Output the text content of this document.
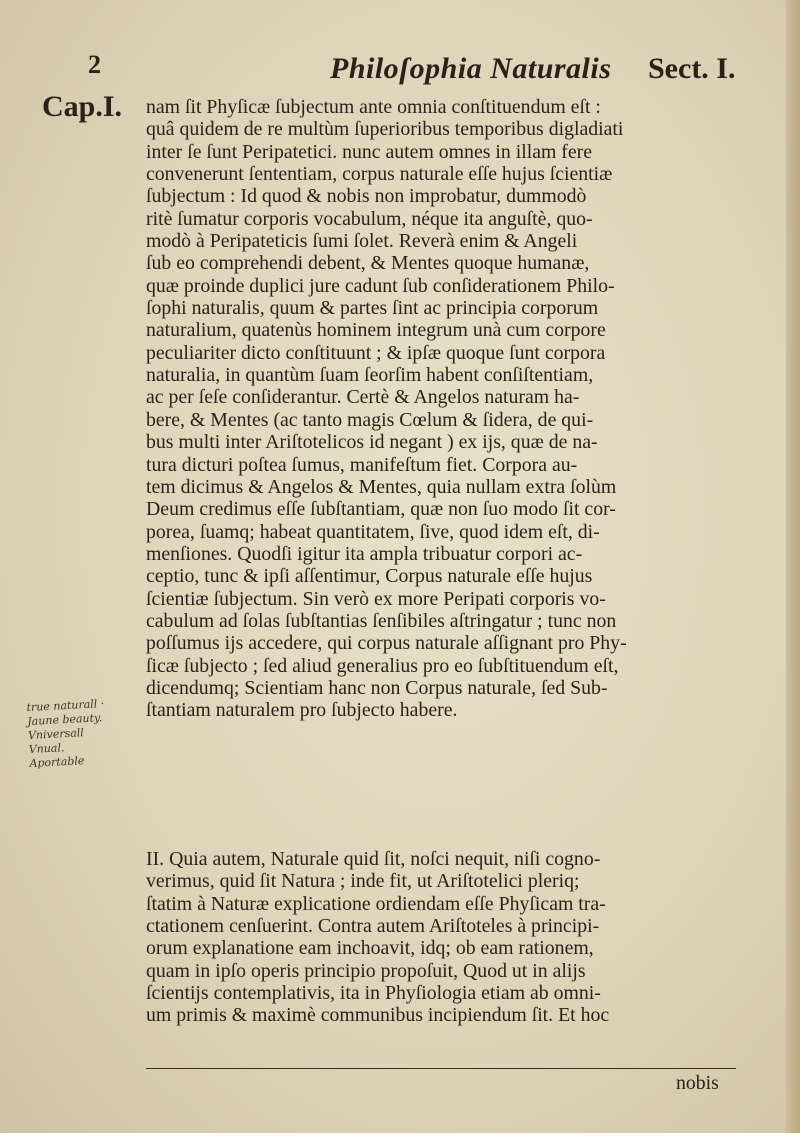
2	Philoſophia Naturalis Sect. I.
Cap.I.
true naturall ·
Jaune beauty.
Vniversall
Vnual.
Aportable
nam ſit Phyſicæ ſubjectum ante omnia conſtituendum eſt :
quâ quidem de re multùm ſuperioribus temporibus digladiati
inter ſe ſunt Peripatetici. nunc autem omnes in illam fere
convenerunt ſententiam, corpus naturale eſſe hujus ſcientiæ
ſubjectum : Id quod & nobis non improbatur, dummodò
ritè ſumatur corporis vocabulum, néque ita anguſtè, quo-
modò à Peripateticis ſumi ſolet. Reverà enim & Angeli
ſub eo comprehendi debent, & Mentes quoque humanæ,
quæ proinde duplici jure cadunt ſub conſiderationem Philo-
ſophi naturalis, quum & partes ſint ac principia corporum
naturalium, quatenùs hominem integrum unà cum corpore
peculiariter dicto conſtituunt ; & ipſæ quoque ſunt corpora
naturalia, in quantùm ſuam ſeorſim habent conſiſtentiam,
ac per ſeſe conſiderantur. Certè & Angelos naturam ha-
bere, & Mentes (ac tanto magis Cœlum & ſidera, de qui-
bus multi inter Ariſtotelicos id negant ) ex ijs, quæ de na-
tura dicturi poſtea ſumus, manifeſtum fiet. Corpora au-
tem dicimus & Angelos & Mentes, quia nullam extra ſolùm
Deum credimus eſſe ſubſtantiam, quæ non ſuo modo ſit cor-
porea, ſuamq; habeat quantitatem, ſive, quod idem eſt, di-
menſiones. Quodſi igitur ita ampla tribuatur corpori ac-
ceptio, tunc & ipſi aſſentimur, Corpus naturale eſſe hujus
ſcientiæ ſubjectum. Sin verò ex more Peripati corporis vo-
cabulum ad ſolas ſubſtantias ſenſibiles aſtringatur ; tunc non
poſſumus ijs accedere, qui corpus naturale aſſignant pro Phy-
ſicæ ſubjecto ; ſed aliud generalius pro eo ſubſtituendum eſt,
dicendumq; Scientiam hanc non Corpus naturale, ſed Sub-
ſtantiam naturalem pro ſubjecto habere.
II. Quia autem, Naturale quid ſit, noſci nequit, niſi cogno-
verimus, quid ſit Natura ; inde fit, ut Ariſtotelici pleriq;
ſtatim à Naturæ explicatione ordiendam eſſe Phyſicam tra-
ctationem cenſuerint. Contra autem Ariſtoteles à principi-
orum explanatione eam inchoavit, idq; ob eam rationem,
quam in ipſo operis principio propoſuit, Quod ut in alijs
ſcientijs contemplativis, ita in Phyſiologia etiam ab omni-
um primis & maximè communibus incipiendum ſit. Et hoc
nobis
